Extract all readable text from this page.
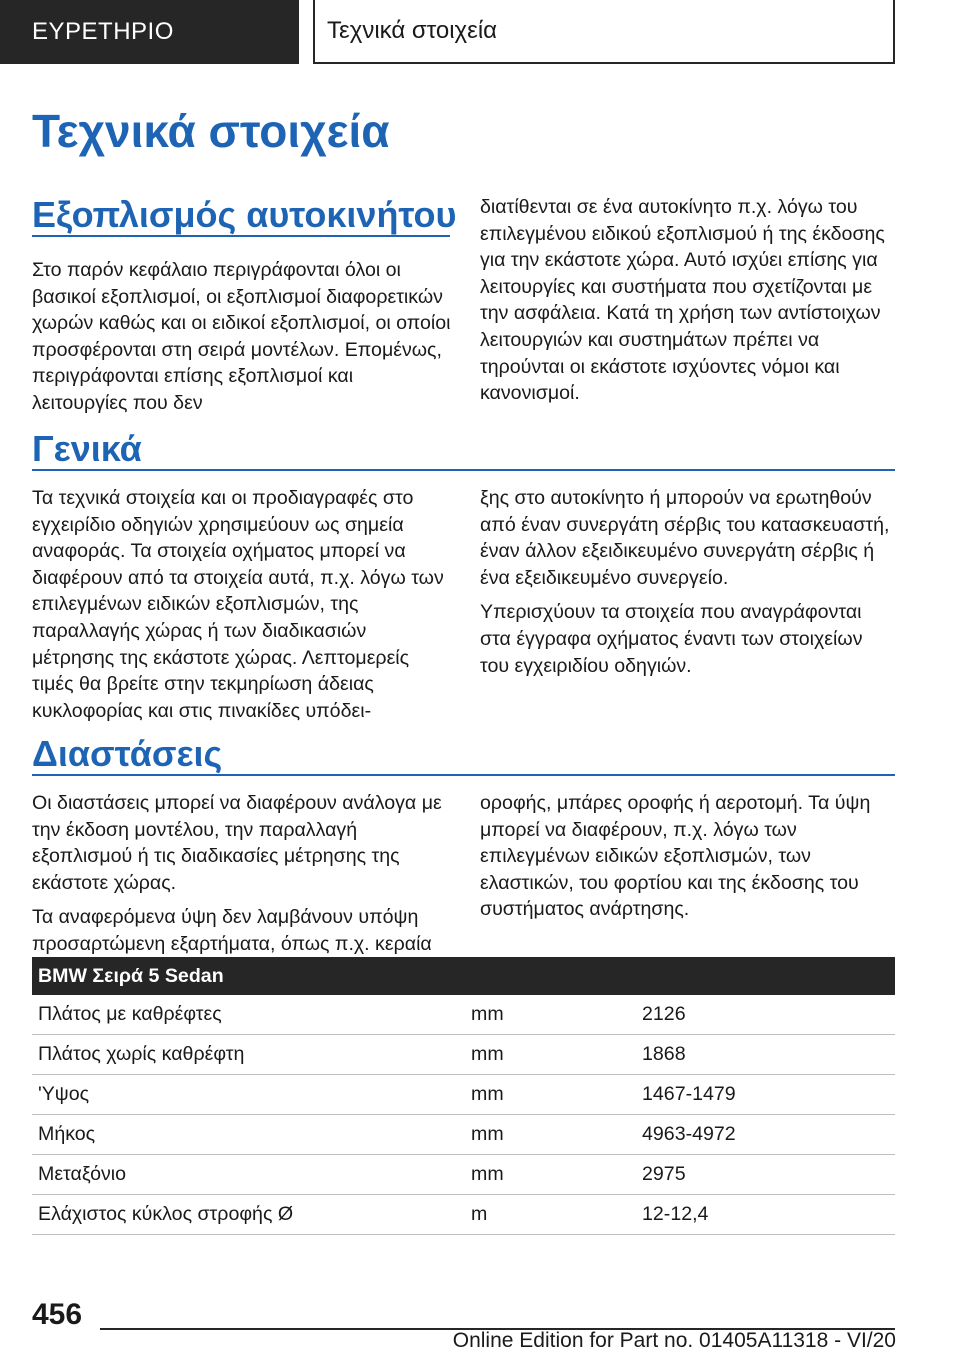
ΕΥΡΕΤΗΡΙΟ	Τεχνικά στοιχεία
Τεχνικά στοιχεία
Εξοπλισμός αυτοκινήτου

Στο παρόν κεφάλαιο περιγράφονται όλοι οι βασικοί εξοπλισμοί, οι εξοπλισμοί διαφορετικών χωρών καθώς και οι ειδικοί εξοπλισμοί, οι οποίοι προσφέρονται στη σειρά μοντέλων. Επομένως, περιγράφονται επίσης εξοπλισμοί και λειτουργίες που δεν

διατίθενται σε ένα αυτοκίνητο π.χ. λόγω του επιλεγμένου ειδικού εξοπλισμού ή της έκδοσης για την εκάστοτε χώρα. Αυτό ισχύει επίσης για λειτουργίες και συστήματα που σχετίζονται με την ασφάλεια. Κατά τη χρήση των αντίστοιχων λειτουργιών και συστημάτων πρέπει να τηρούνται οι εκάστοτε ισχύοντες νόμοι και κανονισμοί.

Γενικά

Τα τεχνικά στοιχεία και οι προδιαγραφές στο εγχειρίδιο οδηγιών χρησιμεύουν ως σημεία αναφοράς. Τα στοιχεία οχήματος μπορεί να διαφέρουν από τα στοιχεία αυτά, π.χ. λόγω των επιλεγμένων ειδικών εξοπλισμών, της παραλλαγής χώρας ή των διαδικασιών μέτρησης της εκάστοτε χώρας. Λεπτομερείς τιμές θα βρείτε στην τεκμηρίωση άδειας κυκλοφορίας και στις πινακίδες υπόδει-

ξης στο αυτοκίνητο ή μπορούν να ερωτηθούν από έναν συνεργάτη σέρβις του κατασκευαστή, έναν άλλον εξειδικευμένο συνεργάτη σέρβις ή ένα εξειδικευμένο συνεργείο.

Υπερισχύουν τα στοιχεία που αναγράφονται στα έγγραφα οχήματος έναντι των στοιχείων του εγχειριδίου οδηγιών.

Διαστάσεις

Οι διαστάσεις μπορεί να διαφέρουν ανάλογα με την έκδοση μοντέλου, την παραλλαγή εξοπλισμού ή τις διαδικασίες μέτρησης της εκάστοτε χώρας.

Τα αναφερόμενα ύψη δεν λαμβάνουν υπόψη προσαρτώμενη εξαρτήματα, όπως π.χ. κεραία

οροφής, μπάρες οροφής ή αεροτομή. Τα ύψη μπορεί να διαφέρουν, π.χ. λόγω των επιλεγμένων ειδικών εξοπλισμών, των ελαστικών, του φορτίου και της έκδοσης του συστήματος ανάρτησης.

BMW Σειρά 5 Sedan		
Πλάτος με καθρέφτες	mm	2126
Πλάτος χωρίς καθρέφτη	mm	1868
'Υψος	mm	1467-1479
Μήκος	mm	4963-4972
Μεταξόνιο	mm	2975
Ελάχιστος κύκλος στροφής Ø	m	12-12,4
456
Online Edition for Part no. 01405A11318 - VI/20
